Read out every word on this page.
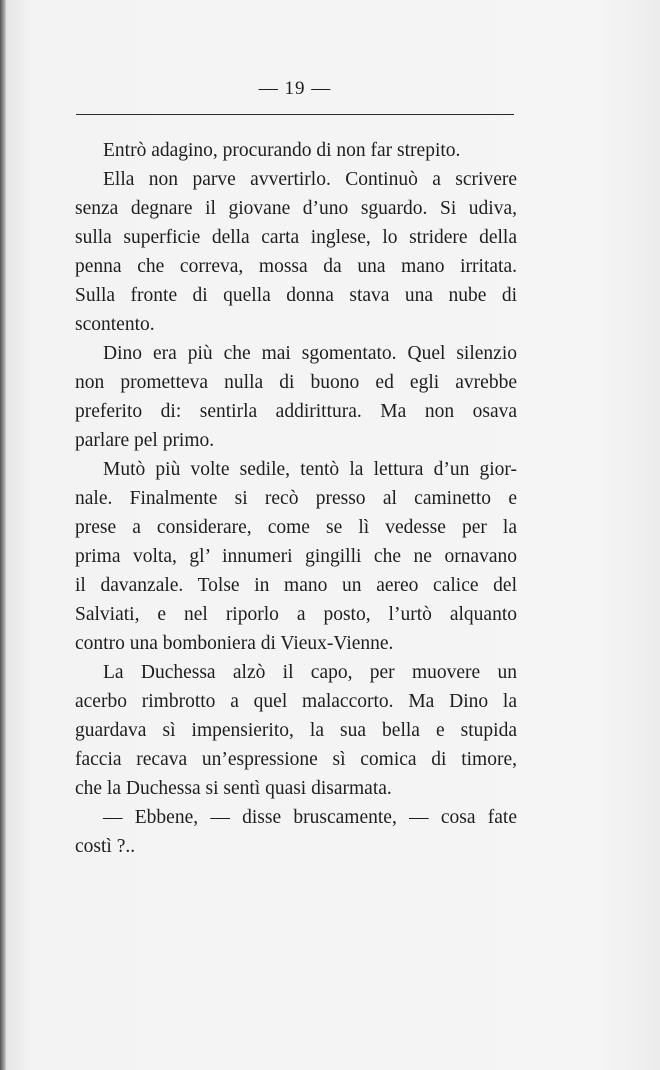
— 19 —
Entrò adagino, procurando di non far strepito.
Ella non parve avvertirlo. Continuò a scrivere
senza degnare il giovane d’uno sguardo. Si udiva,
sulla superficie della carta inglese, lo stridere della
penna che correva, mossa da una mano irritata.
Sulla fronte di quella donna stava una nube di
scontento.
Dino era più che mai sgomentato. Quel silenzio
non prometteva nulla di buono ed egli avrebbe
preferito di: sentirla addirittura. Ma non osava
parlare pel primo.
Mutò più volte sedile, tentò la lettura d’un gior-
nale. Finalmente si recò presso al caminetto e
prese a considerare, come se lì vedesse per la
prima volta, gl’ innumeri gingilli che ne ornavano
il davanzale. Tolse in mano un aereo calice del
Salviati, e nel riporlo a posto, l’urtò alquanto
contro una bomboniera di Vieux-Vienne.
La Duchessa alzò il capo, per muovere un
acerbo rimbrotto a quel malaccorto. Ma Dino la
guardava sì impensierito, la sua bella e stupida
faccia recava un’espressione sì comica di timore,
che la Duchessa si sentì quasi disarmata.
— Ebbene, — disse bruscamente, — cosa fate
costì ?..
